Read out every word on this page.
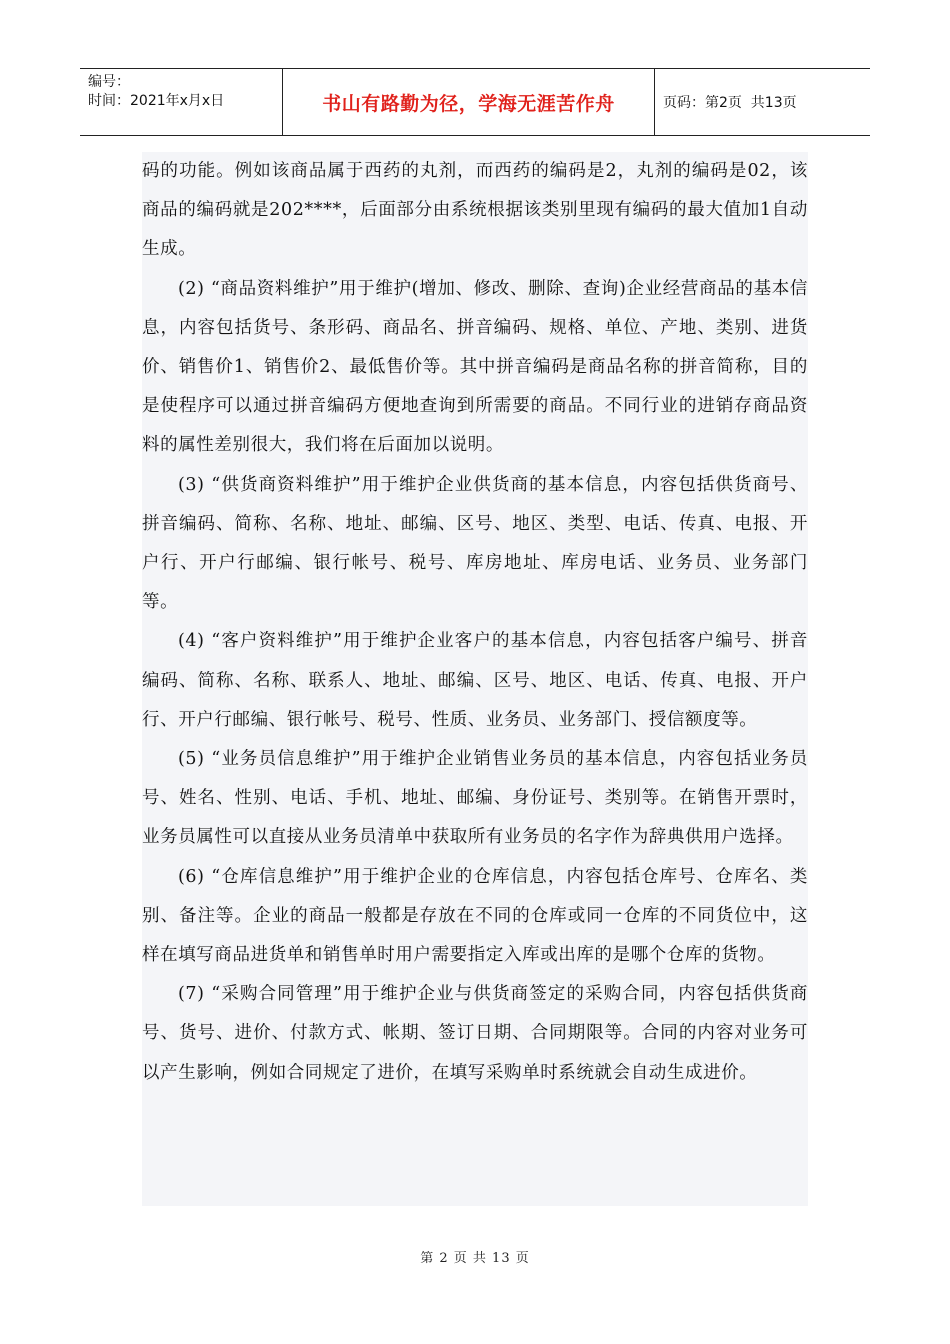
编号：
时间：2021年x月x日	书山有路勤为径，学海无涯苦作舟	页码：第2页  共13页

码的功能。例如该商品属于西药的丸剂，而西药的编码是2，丸剂的编码是02，该商品的编码就是202****，后面部分由系统根据该类别里现有编码的最大值加1自动生成。

(2) “商品资料维护”用于维护(增加、修改、删除、查询)企业经营商品的基本信息，内容包括货号、条形码、商品名、拼音编码、规格、单位、产地、类别、进货价、销售价1、销售价2、最低售价等。其中拼音编码是商品名称的拼音简称，目的是使程序可以通过拼音编码方便地查询到所需要的商品。不同行业的进销存商品资料的属性差别很大，我们将在后面加以说明。

(3) “供货商资料维护”用于维护企业供货商的基本信息，内容包括供货商号、拼音编码、简称、名称、地址、邮编、区号、地区、类型、电话、传真、电报、开户行、开户行邮编、银行帐号、税号、库房地址、库房电话、业务员、业务部门等。

(4) “客户资料维护”用于维护企业客户的基本信息，内容包括客户编号、拼音编码、简称、名称、联系人、地址、邮编、区号、地区、电话、传真、电报、开户行、开户行邮编、银行帐号、税号、性质、业务员、业务部门、授信额度等。

(5) “业务员信息维护”用于维护企业销售业务员的基本信息，内容包括业务员号、姓名、性别、电话、手机、地址、邮编、身份证号、类别等。在销售开票时，业务员属性可以直接从业务员清单中获取所有业务员的名字作为辞典供用户选择。

(6) “仓库信息维护”用于维护企业的仓库信息，内容包括仓库号、仓库名、类别、备注等。企业的商品一般都是存放在不同的仓库或同一仓库的不同货位中，这样在填写商品进货单和销售单时用户需要指定入库或出库的是哪个仓库的货物。

(7) “采购合同管理”用于维护企业与供货商签定的采购合同，内容包括供货商号、货号、进价、付款方式、帐期、签订日期、合同期限等。合同的内容对业务可以产生影响，例如合同规定了进价，在填写采购单时系统就会自动生成进价。

第 2 页 共 13 页
